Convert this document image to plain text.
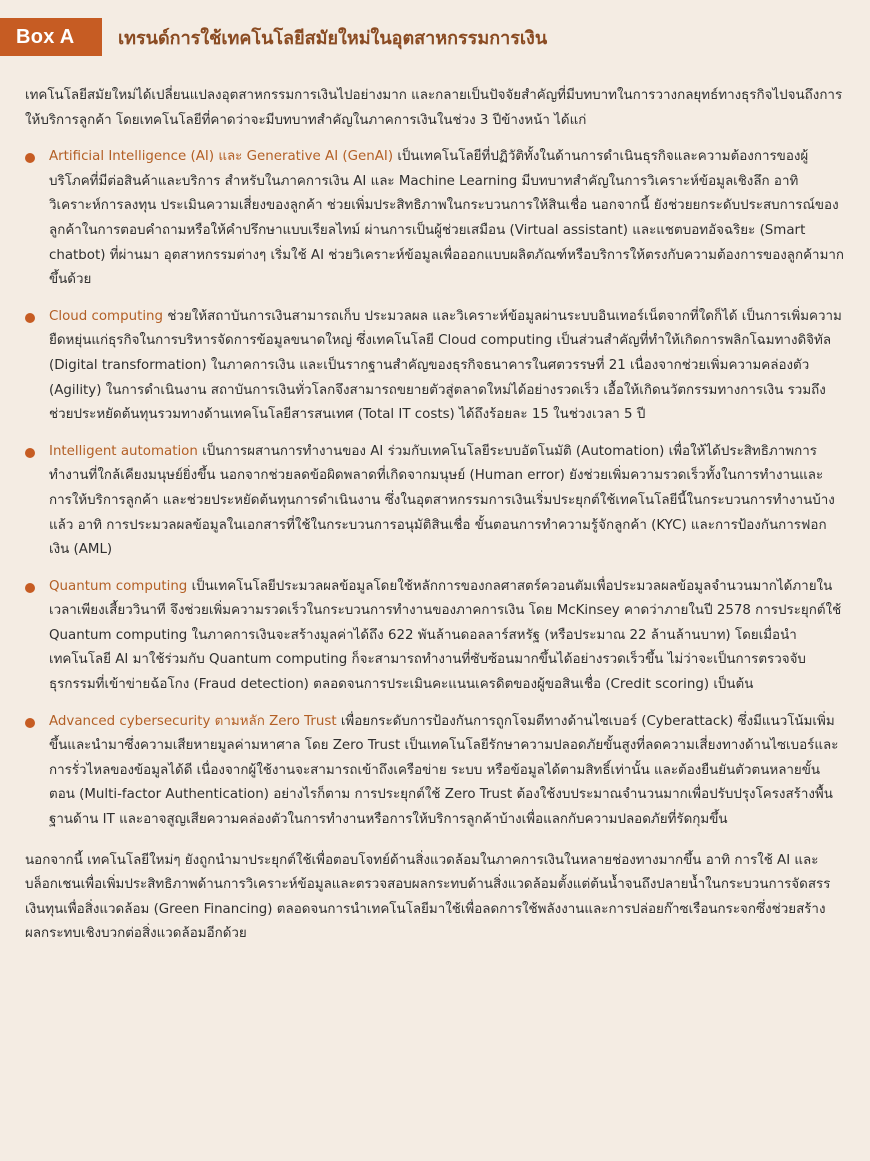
Box A	เทรนด์การใช้เทคโนโลยีสมัยใหม่ในอุตสาหกรรมการเงิน

เทคโนโลยีสมัยใหม่ได้เปลี่ยนแปลงอุตสาหกรรมการเงินไปอย่างมาก และกลายเป็นปัจจัยสำคัญที่มีบทบาทในการวางกลยุทธ์ทางธุรกิจไปจนถึงการให้บริการลูกค้า โดยเทคโนโลยีที่คาดว่าจะมีบทบาทสำคัญในภาคการเงินในช่วง 3 ปีข้างหน้า ได้แก่

Artificial Intelligence (AI) และ Generative AI (GenAI) เป็นเทคโนโลยีที่ปฏิวัติทั้งในด้านการดำเนินธุรกิจและความต้องการของผู้บริโภคที่มีต่อสินค้าและบริการ สำหรับในภาคการเงิน AI และ Machine Learning มีบทบาทสำคัญในการวิเคราะห์ข้อมูลเชิงลึก อาทิ วิเคราะห์การลงทุน ประเมินความเสี่ยงของลูกค้า ช่วยเพิ่มประสิทธิภาพในกระบวนการให้สินเชื่อ นอกจากนี้ ยังช่วยยกระดับประสบการณ์ของลูกค้าในการตอบคำถามหรือให้คำปรึกษาแบบเรียลไทม์ ผ่านการเป็นผู้ช่วยเสมือน (Virtual assistant) และแชตบอทอัจฉริยะ (Smart chatbot) ที่ผ่านมา อุตสาหกรรมต่างๆ เริ่มใช้ AI ช่วยวิเคราะห์ข้อมูลเพื่อออกแบบผลิตภัณฑ์หรือบริการให้ตรงกับความต้องการของลูกค้ามากขึ้นด้วย
Cloud computing ช่วยให้สถาบันการเงินสามารถเก็บ ประมวลผล และวิเคราะห์ข้อมูลผ่านระบบอินเทอร์เน็ตจากที่ใดก็ได้ เป็นการเพิ่มความยืดหยุ่นแก่ธุรกิจในการบริหารจัดการข้อมูลขนาดใหญ่ ซึ่งเทคโนโลยี Cloud computing เป็นส่วนสำคัญที่ทำให้เกิดการพลิกโฉมทางดิจิทัล (Digital transformation) ในภาคการเงิน และเป็นรากฐานสำคัญของธุรกิจธนาคารในศตวรรษที่ 21 เนื่องจากช่วยเพิ่มความคล่องตัว (Agility) ในการดำเนินงาน สถาบันการเงินทั่วโลกจึงสามารถขยายตัวสู่ตลาดใหม่ได้อย่างรวดเร็ว เอื้อให้เกิดนวัตกรรมทางการเงิน รวมถึงช่วยประหยัดต้นทุนรวมทางด้านเทคโนโลยีสารสนเทศ (Total IT costs) ได้ถึงร้อยละ 15 ในช่วงเวลา 5 ปี
Intelligent automation เป็นการผสานการทำงานของ AI ร่วมกับเทคโนโลยีระบบอัตโนมัติ (Automation) เพื่อให้ได้ประสิทธิภาพการทำงานที่ใกล้เคียงมนุษย์ยิ่งขึ้น นอกจากช่วยลดข้อผิดพลาดที่เกิดจากมนุษย์ (Human error) ยังช่วยเพิ่มความรวดเร็วทั้งในการทำงานและการให้บริการลูกค้า และช่วยประหยัดต้นทุนการดำเนินงาน ซึ่งในอุตสาหกรรมการเงินเริ่มประยุกต์ใช้เทคโนโลยีนี้ในกระบวนการทำงานบ้างแล้ว อาทิ การประมวลผลข้อมูลในเอกสารที่ใช้ในกระบวนการอนุมัติสินเชื่อ ขั้นตอนการทำความรู้จักลูกค้า (KYC) และการป้องกันการฟอกเงิน (AML)
Quantum computing เป็นเทคโนโลยีประมวลผลข้อมูลโดยใช้หลักการของกลศาสตร์ควอนตัมเพื่อประมวลผลข้อมูลจำนวนมากได้ภายในเวลาเพียงเสี้ยววินาที จึงช่วยเพิ่มความรวดเร็วในกระบวนการทำงานของภาคการเงิน โดย McKinsey คาดว่าภายในปี 2578 การประยุกต์ใช้ Quantum computing ในภาคการเงินจะสร้างมูลค่าได้ถึง 622 พันล้านดอลลาร์สหรัฐ (หรือประมาณ 22 ล้านล้านบาท) โดยเมื่อนำเทคโนโลยี AI มาใช้ร่วมกับ Quantum computing ก็จะสามารถทำงานที่ซับซ้อนมากขึ้นได้อย่างรวดเร็วขึ้น ไม่ว่าจะเป็นการตรวจจับธุรกรรมที่เข้าข่ายฉ้อโกง (Fraud detection) ตลอดจนการประเมินคะแนนเครดิตของผู้ขอสินเชื่อ (Credit scoring) เป็นต้น
Advanced cybersecurity ตามหลัก Zero Trust เพื่อยกระดับการป้องกันการถูกโจมตีทางด้านไซเบอร์ (Cyberattack) ซึ่งมีแนวโน้มเพิ่มขึ้นและนำมาซึ่งความเสียหายมูลค่ามหาศาล โดย Zero Trust เป็นเทคโนโลยีรักษาความปลอดภัยขั้นสูงที่ลดความเสี่ยงทางด้านไซเบอร์และการรั่วไหลของข้อมูลได้ดี เนื่องจากผู้ใช้งานจะสามารถเข้าถึงเครือข่าย ระบบ หรือข้อมูลได้ตามสิทธิ์เท่านั้น และต้องยืนยันตัวตนหลายขั้นตอน (Multi-factor Authentication) อย่างไรก็ตาม การประยุกต์ใช้ Zero Trust ต้องใช้งบประมาณจำนวนมากเพื่อปรับปรุงโครงสร้างพื้นฐานด้าน IT และอาจสูญเสียความคล่องตัวในการทำงานหรือการให้บริการลูกค้าบ้างเพื่อแลกกับความปลอดภัยที่รัดกุมขึ้น

นอกจากนี้ เทคโนโลยีใหม่ๆ ยังถูกนำมาประยุกต์ใช้เพื่อตอบโจทย์ด้านสิ่งแวดล้อมในภาคการเงินในหลายช่องทางมากขึ้น อาทิ การใช้ AI และบล็อกเชนเพื่อเพิ่มประสิทธิภาพด้านการวิเคราะห์ข้อมูลและตรวจสอบผลกระทบด้านสิ่งแวดล้อมตั้งแต่ต้นน้ำจนถึงปลายน้ำในกระบวนการจัดสรรเงินทุนเพื่อสิ่งแวดล้อม (Green Financing) ตลอดจนการนำเทคโนโลยีมาใช้เพื่อลดการใช้พลังงานและการปล่อยก๊าซเรือนกระจกซึ่งช่วยสร้างผลกระทบเชิงบวกต่อสิ่งแวดล้อมอีกด้วย
